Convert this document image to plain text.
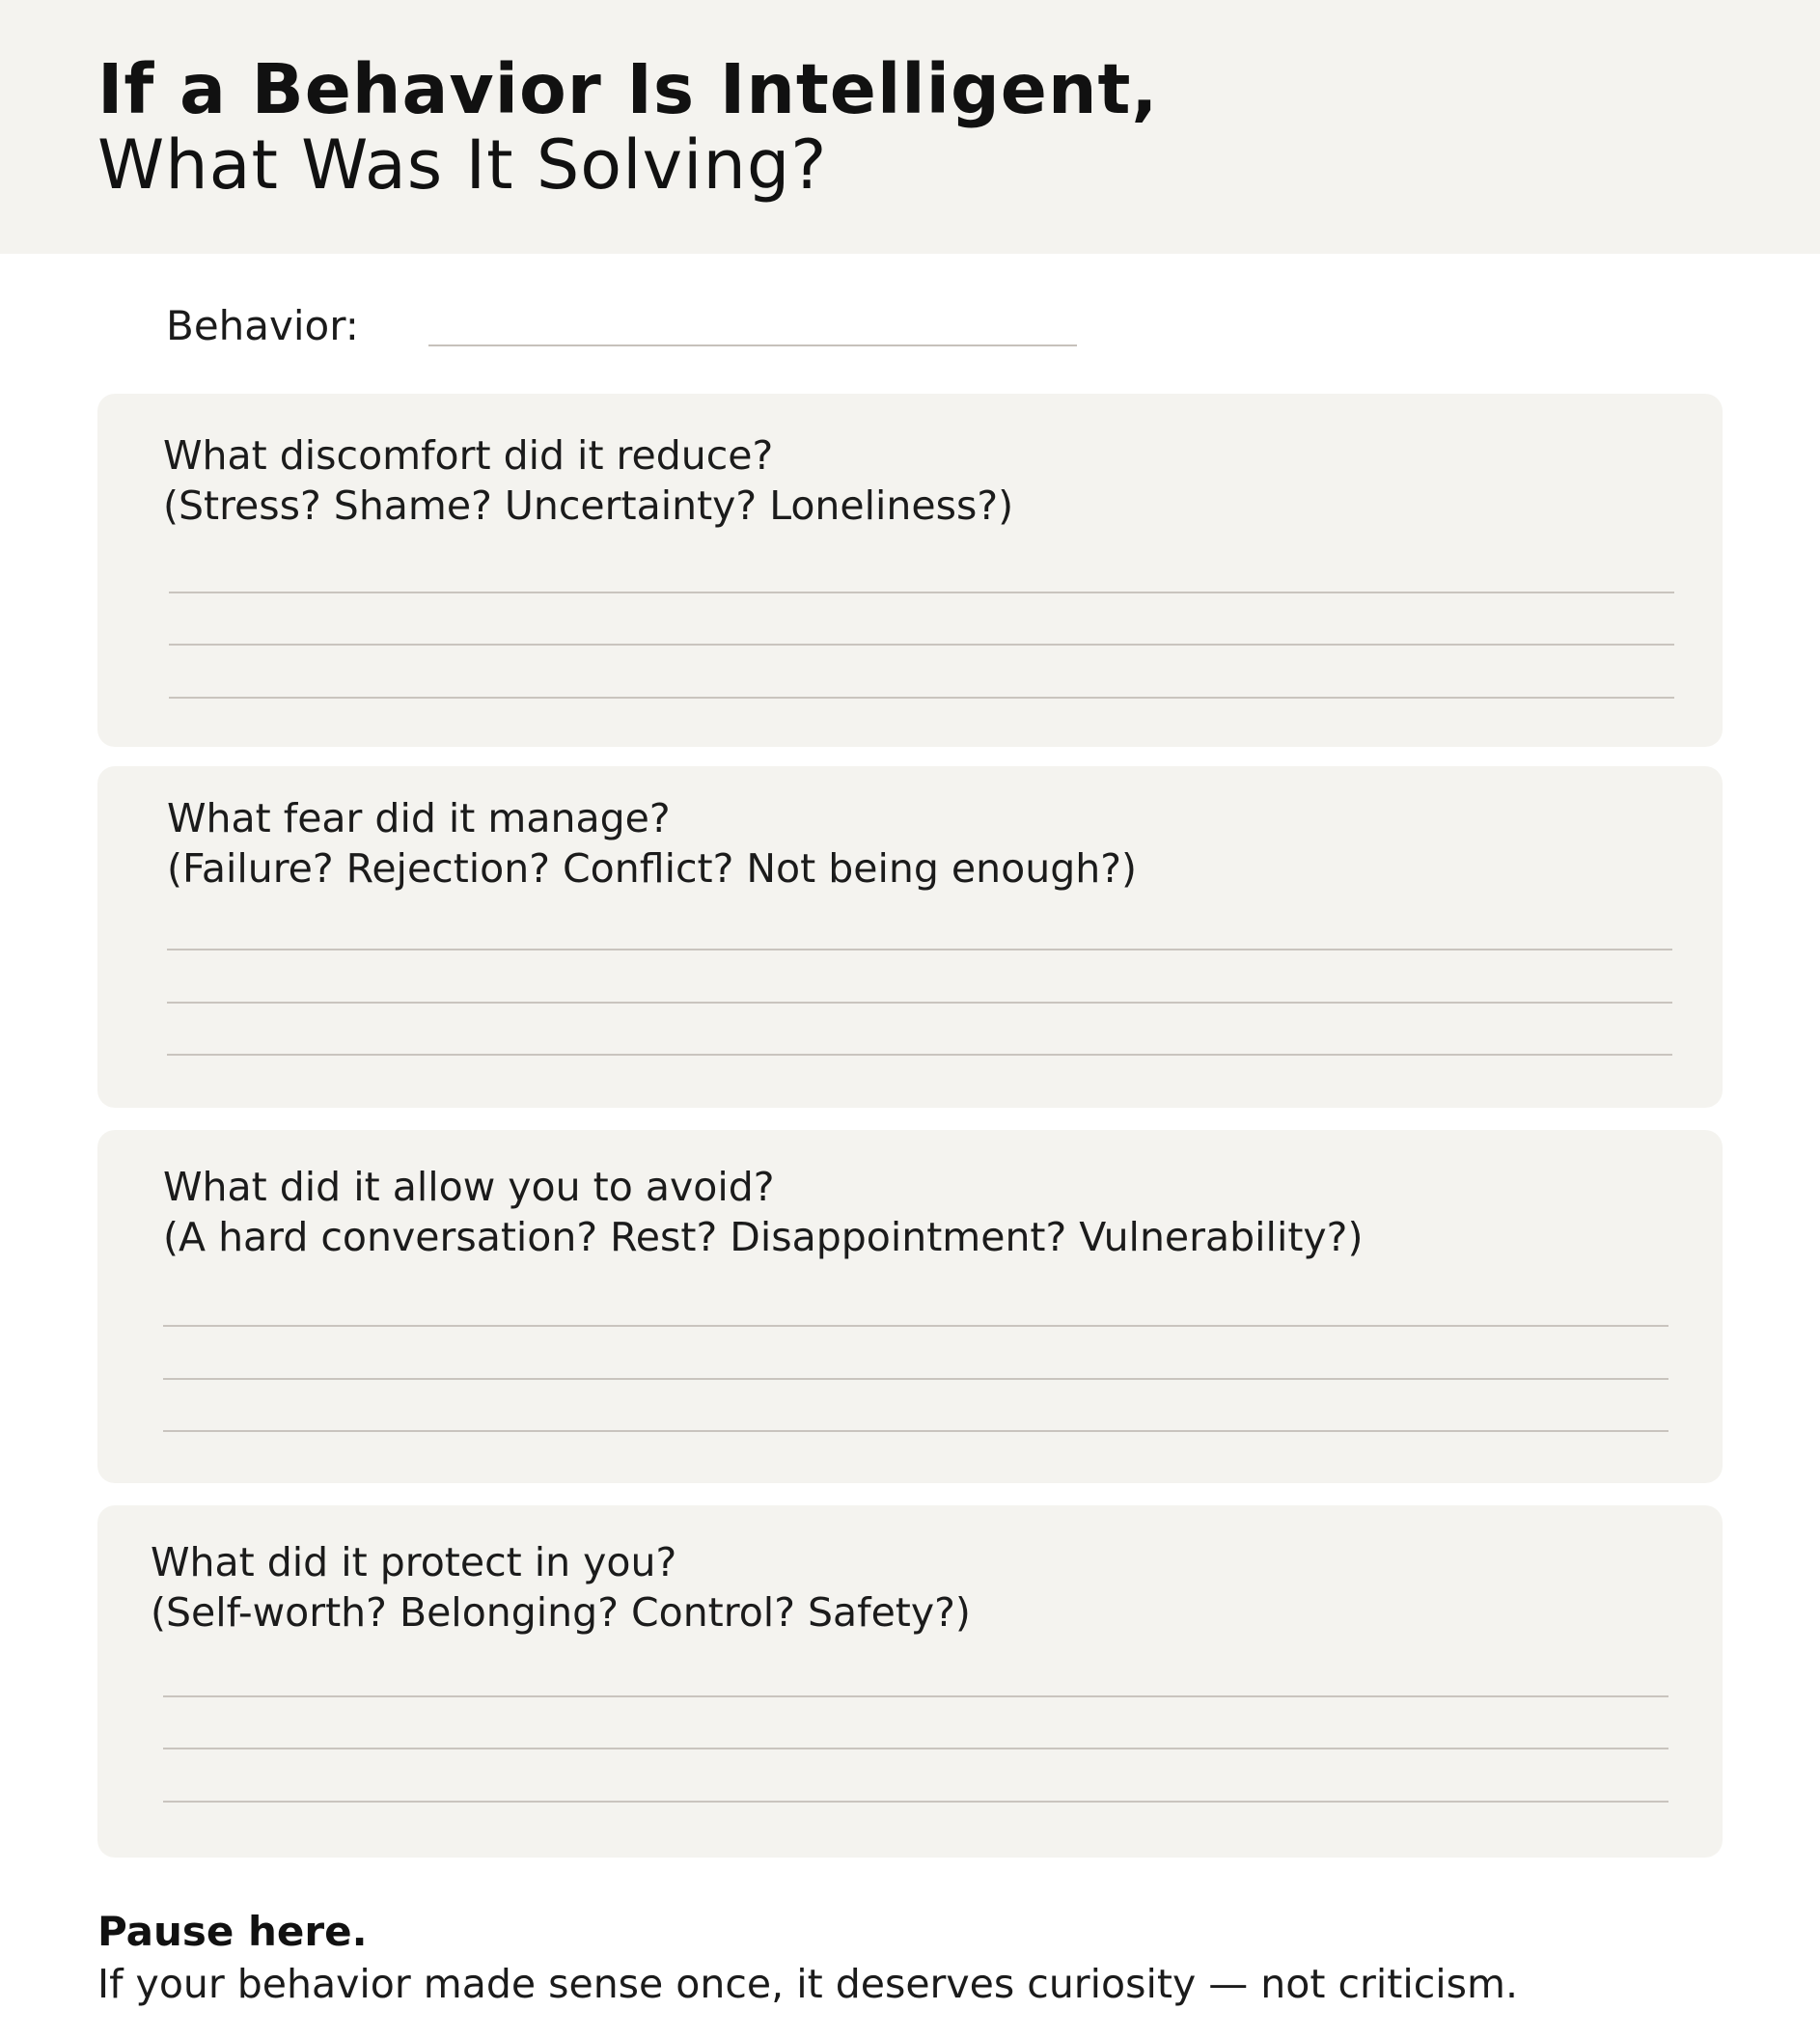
If a Behavior Is Intelligent,
What Was It Solving?
Behavior:
What discomfort did it reduce?
(Stress? Shame? Uncertainty? Loneliness?)
What fear did it manage?
(Failure? Rejection? Conflict? Not being enough?)
What did it allow you to avoid?
(A hard conversation? Rest? Disappointment? Vulnerability?)
What did it protect in you?
(Self-worth? Belonging? Control? Safety?)
Pause here.
If your behavior made sense once, it deserves curiosity — not criticism.
